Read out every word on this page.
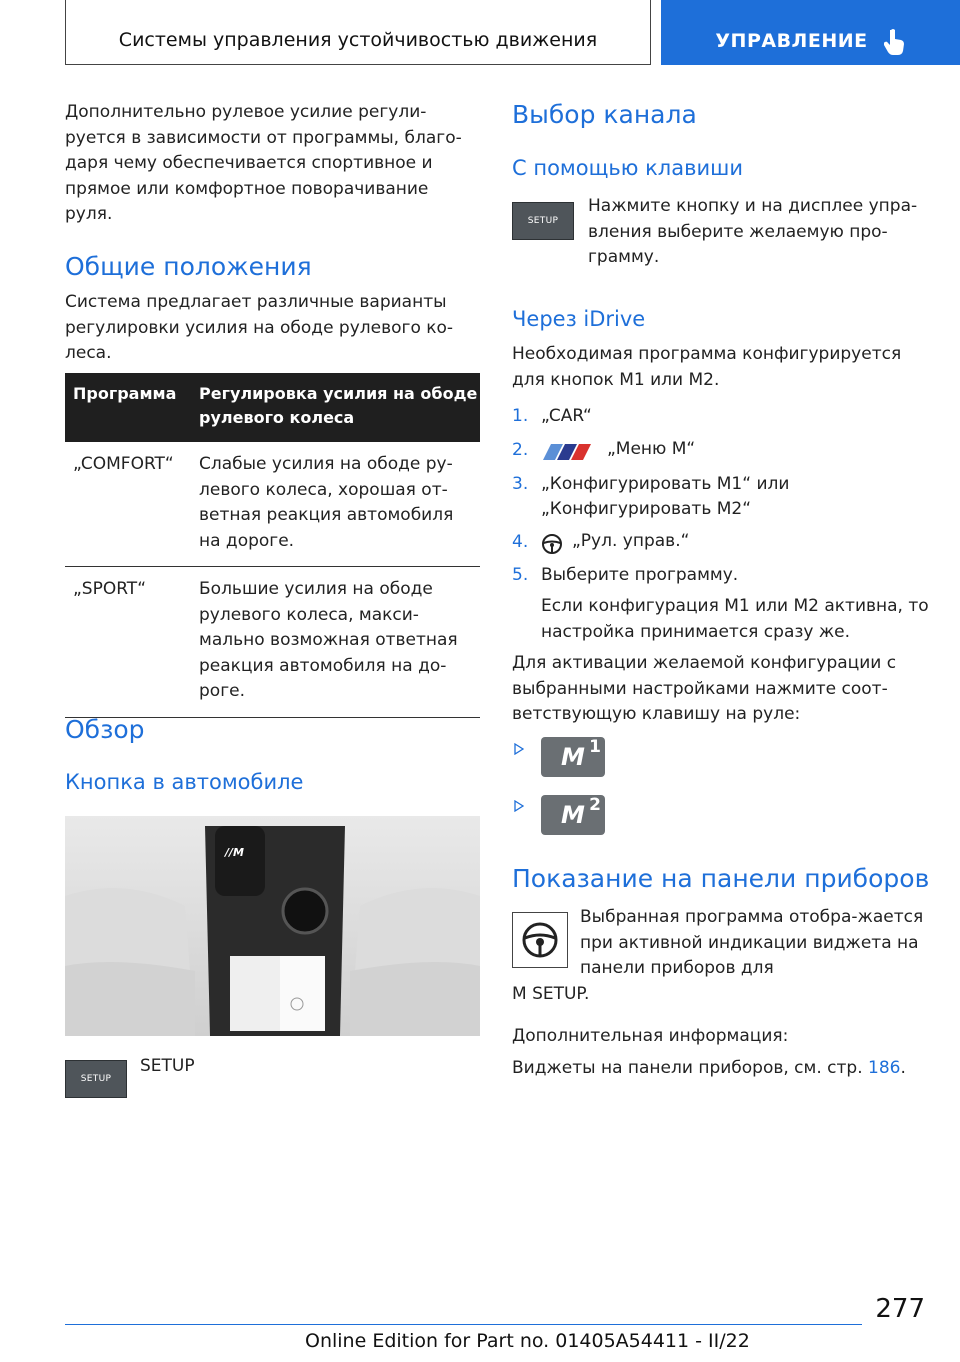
Системы управления устойчивостью движения	УПРАВЛЕНИЕ

Дополнительно рулевое усилие регули-руется в зависимости от программы, благо-даря чему обеспечивается спортивное и прямое или комфортное поворачивание руля.

Общие положения

Система предлагает различные варианты регулировки усилия на ободе рулевого ко-леса.

Программа	Регулировка усилия на ободе рулевого колеса
„COMFORT“	Слабые усилия на ободе ру-левого колеса, хорошая от-ветная реакция автомобиля на дороге.
„SPORT“	Большие усилия на ободе рулевого колеса, макси-мально возможная ответная реакция автомобиля на до-роге.
Обзор
Кнопка в автомобиле
//M
SETUP

SETUP

Выбор канала
С помощью клавиши
SETUP

Нажмите кнопку и на дисплее упра-вления выберите желаемую про-грамму.

Через iDrive

Необходимая программа конфигурируется для кнопок M1 или M2.

1. „CAR“
2.	„Меню M“
3. „Конфигурировать M1“ или
„Конфигурировать M2“
4.	„Рул. управ.“
5. Выберите программу.

Если конфигурация M1 или M2 активна, то настройка принимается сразу же.

Для активации желаемой конфигурации с выбранными настройками нажмите соот-ветствующую клавишу на руле:

M 1
M 2
Показание на панели приборов

Выбранная программа отобра-жается при активной индикации виджета на панели приборов для

M SETUP.

Дополнительная информация:

Виджеты на панели приборов, см. стр. 186.

277
Online Edition for Part no. 01405A54411 - II/22
